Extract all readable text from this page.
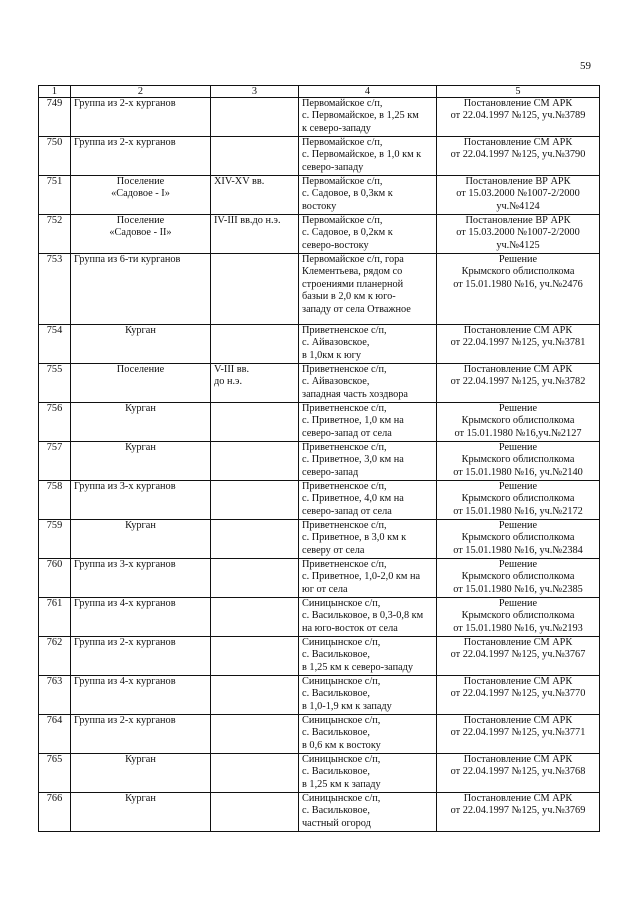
59
1	2	3	4	5
749	Группа из 2-х курганов		Первомайское с/п,
с. Первомайское, в 1,25 км
к северо-западу	Постановление СМ АРК
от 22.04.1997 №125, уч.№3789

750	Группа из 2-х курганов		Первомайское с/п,
с. Первомайское, в 1,0 км к
северо-западу	Постановление СМ АРК
от 22.04.1997 №125, уч.№3790

751	Поселение
«Садовое - I»	XIV-XV вв.	Первомайское с/п,
с. Садовое, в 0,3км к
востоку	Постановление ВР АРК
от 15.03.2000 №1007-2/2000
уч.№4124

752	Поселение
«Садовое - II»	IV-III вв.до н.э.	Первомайское с/п,
с. Садовое, в 0,2км к
северо-востоку	Постановление ВР АРК
от 15.03.2000 №1007-2/2000
уч.№4125

753	Группа из 6-ти курганов		Первомайское с/п, гора
Клементьева, рядом со
строениями планерной
базыи в 2,0 км к юго-
западу от села Отважное	Решение
Крымского облисполкома
от 15.01.1980 №16, уч.№2476

754	Курган		Приветненское с/п,
с. Айвазовское,
в 1,0км к югу	Постановление СМ АРК
от 22.04.1997 №125, уч.№3781

755	Поселение	V-III вв.
до н.э.	Приветненское с/п,
с. Айвазовское,
западная часть хоздвора	Постановление СМ АРК
от 22.04.1997 №125, уч.№3782

756	Курган		Приветненское с/п,
с. Приветное, 1,0 км на
северо-запад от села	Решение
Крымского облисполкома
от 15.01.1980 №16,уч.№2127

757	Курган		Приветненское с/п,
с. Приветное, 3,0 км на
северо-запад	Решение
Крымского облисполкома
от 15.01.1980 №16, уч.№2140

758	Группа из 3-х курганов		Приветненское с/п,
с. Приветное, 4,0 км на
северо-запад от села	Решение
Крымского облисполкома
от 15.01.1980 №16, уч.№2172

759	Курган		Приветненское с/п,
с. Приветное, в 3,0 км к
северу от села	Решение
Крымского облисполкома
от 15.01.1980 №16, уч.№2384

760	Группа из 3-х курганов		Приветненское с/п,
с. Приветное, 1,0-2,0 км на
юг от села	Решение
Крымского облисполкома
от 15.01.1980 №16, уч.№2385

761	Группа из 4-х курганов		Синицынское с/п,
с. Васильковое, в 0,3-0,8 км
на юго-восток от села	Решение
Крымского облисполкома
от 15.01.1980 №16, уч.№2193

762	Группа из 2-х курганов		Синицынское с/п,
с. Васильковое,
в 1,25 км к северо-западу	Постановление СМ АРК
от 22.04.1997 №125, уч.№3767

763	Группа из 4-х курганов		Синицынское с/п,
с. Васильковое,
в 1,0-1,9 км к западу	Постановление СМ АРК
от 22.04.1997 №125, уч.№3770

764	Группа из 2-х курганов		Синицынское с/п,
с. Васильковое,
в 0,6 км к востоку	Постановление СМ АРК
от 22.04.1997 №125, уч.№3771

765	Курган		Синицынское с/п,
с. Васильковое,
в 1,25 км к западу	Постановление СМ АРК
от 22.04.1997 №125, уч.№3768

766	Курган		Синицынское с/п,
с. Васильковое,
частный огород	Постановление СМ АРК
от 22.04.1997 №125, уч.№3769
